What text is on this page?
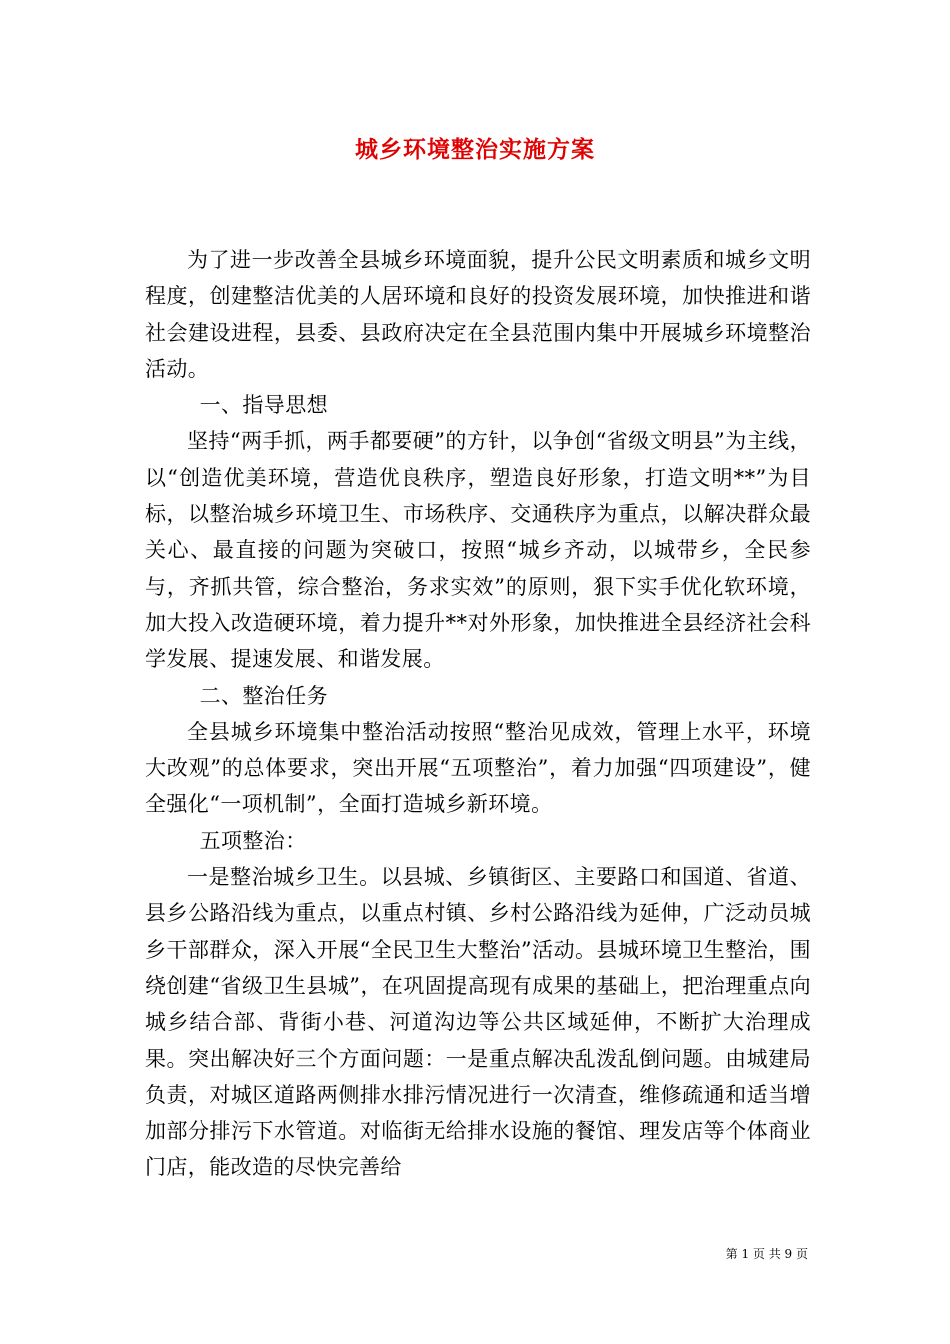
城乡环境整治实施方案

为了进一步改善全县城乡环境面貌，提升公民文明素质和城乡文明程度，创建整洁优美的人居环境和良好的投资发展环境，加快推进和谐社会建设进程，县委、县政府决定在全县范围内集中开展城乡环境整治活动。

一、指导思想

坚持“两手抓，两手都要硬”的方针，以争创“省级文明县”为主线，以“创造优美环境，营造优良秩序，塑造良好形象，打造文明**”为目标，以整治城乡环境卫生、市场秩序、交通秩序为重点，以解决群众最关心、最直接的问题为突破口，按照“城乡齐动，以城带乡，全民参与，齐抓共管，综合整治，务求实效”的原则，狠下实手优化软环境，加大投入改造硬环境，着力提升**对外形象，加快推进全县经济社会科学发展、提速发展、和谐发展。

二、整治任务

全县城乡环境集中整治活动按照“整治见成效，管理上水平，环境大改观”的总体要求，突出开展“五项整治”，着力加强“四项建设”，健全强化“一项机制”，全面打造城乡新环境。

五项整治：

一是整治城乡卫生。以县城、乡镇街区、主要路口和国道、省道、县乡公路沿线为重点，以重点村镇、乡村公路沿线为延伸，广泛动员城乡干部群众，深入开展“全民卫生大整治”活动。县城环境卫生整治，围绕创建“省级卫生县城”，在巩固提高现有成果的基础上，把治理重点向城乡结合部、背街小巷、河道沟边等公共区域延伸，不断扩大治理成果。突出解决好三个方面问题：一是重点解决乱泼乱倒问题。由城建局负责，对城区道路两侧排水排污情况进行一次清查，维修疏通和适当增加部分排污下水管道。对临街无给排水设施的餐馆、理发店等个体商业门店，能改造的尽快完善给

第 1 页 共 9 页
